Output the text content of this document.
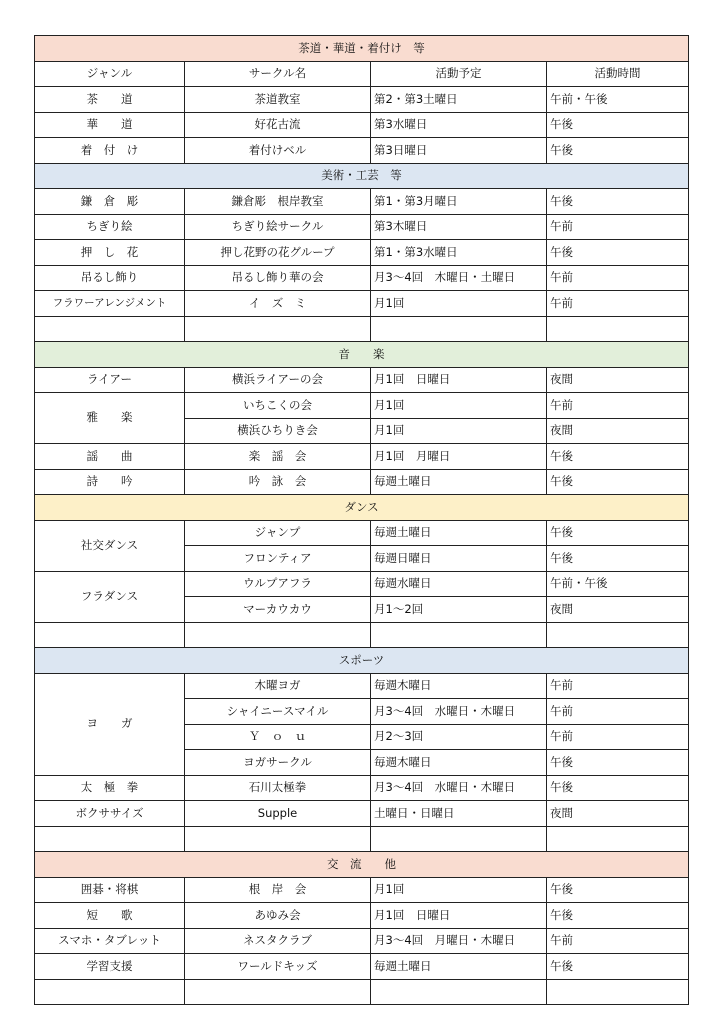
茶道・華道・着付け　等			
ジャンル	サークル名	活動予定	活動時間
茶　　道	茶道教室	第2・第3土曜日	午前・午後
華　　道	好花古流	第3水曜日	午後
着　付　け	着付けベル	第3日曜日	午後
美術・工芸　等			
鎌　倉　彫	鎌倉彫　根岸教室	第1・第3月曜日	午後
ちぎり絵	ちぎり絵サークル	第3木曜日	午前
押　し　花	押し花野の花グループ	第1・第3水曜日	午後
吊るし飾り	吊るし飾り華の会	月3～4回　木曜日・土曜日	午前
フラワーアレンジメント	イ　ズ　ミ	月1回	午前

音　　楽			
ライアー	横浜ライアーの会	月1回　日曜日	夜間
雅　　楽	いちこくの会	月1回	午前
	横浜ひちりき会	月1回	夜間
謡　　曲	楽　謡　会	月1回　月曜日	午後
詩　　吟	吟　詠　会	毎週土曜日	午後
ダンス			
社交ダンス	ジャンプ	毎週土曜日	午後
	フロンティア	毎週日曜日	午後
フラダンス	ウルプアフラ	毎週水曜日	午前・午後
	マーカウカウ	月1～2回	夜間

スポーツ			
ヨ　　ガ	木曜ヨガ	毎週木曜日	午前
	シャイニースマイル	月3～4回　水曜日・木曜日	午前
	Ｙ　ｏ　ｕ	月2～3回	午前
	ヨガサークル	毎週木曜日	午後
太　極　拳	石川太極拳	月3～4回　水曜日・木曜日	午後
ボクササイズ	Supple	土曜日・日曜日	夜間

交　流　　他			
囲碁・将棋	根　岸　会	月1回	午後
短　　歌	あゆみ会	月1回　日曜日	午後
スマホ・タブレット	ネスタクラブ	月3～4回　月曜日・木曜日	午前
学習支援	ワールドキッズ	毎週土曜日	午後
